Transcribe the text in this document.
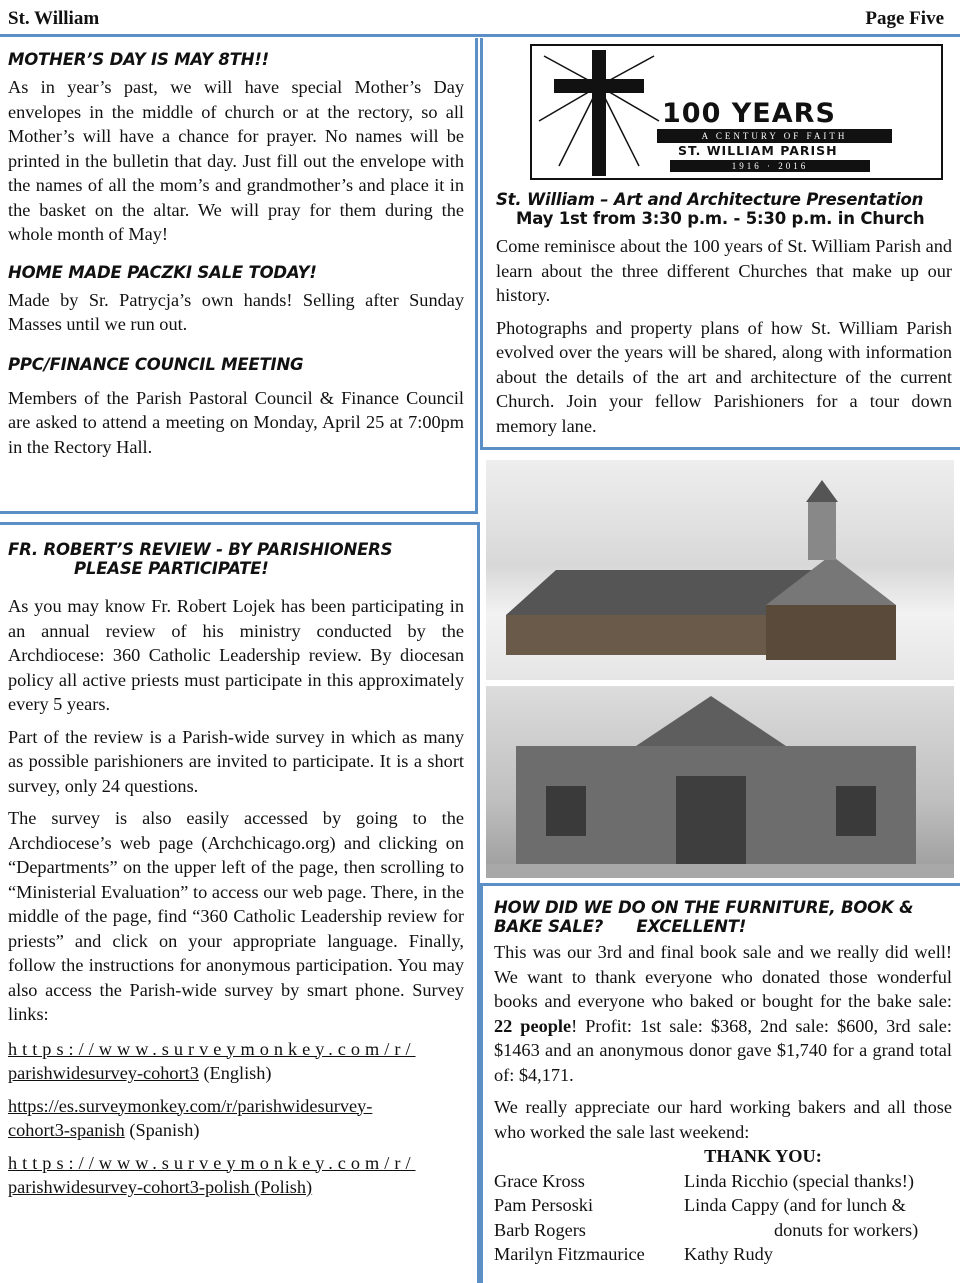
St. William	Page Five
MOTHER’S DAY IS MAY 8TH!!

As in year’s past, we will have special Mother’s Day envelopes in the middle of church or at the rectory, so all Mother’s will have a chance for prayer. No names will be printed in the bulletin that day. Just fill out the envelope with the names of all the mom’s and grandmother’s and place it in the basket on the altar. We will pray for them during the whole month of May!

HOME MADE PACZKI SALE TODAY!

Made by Sr. Patrycja’s own hands! Selling after Sunday Masses until we run out.

PPC/FINANCE COUNCIL MEETING

Members of the Parish Pastoral Council & Finance Council are asked to attend a meeting on Monday, April 25 at 7:00pm in the Rectory Hall.

100 YEARS
A CENTURY OF FAITH
ST. WILLIAM PARISH
1916 · 2016
St. William – Art and Architecture Presentation
May 1st from 3:30 p.m. - 5:30 p.m. in Church

Come reminisce about the 100 years of St. William Parish and learn about the three different Churches that make up our history.

Photographs and property plans of how St. William Parish evolved over the years will be shared, along with information about the details of the art and architecture of the current Church. Join your fellow Parishioners for a tour down memory lane.

FR. ROBERT’S REVIEW - BY PARISHIONERS
PLEASE PARTICIPATE!

As you may know Fr. Robert Lojek has been participating in an annual review of his ministry conducted by the Archdiocese: 360 Catholic Leadership review. By diocesan policy all active priests must participate in this approximately every 5 years.

Part of the review is a Parish-wide survey in which as many as possible parishioners are invited to participate. It is a short survey, only 24 questions.

The survey is also easily accessed by going to the Archdiocese’s web page (Archchicago.org) and clicking on “Departments” on the upper left of the page, then scrolling to “Ministerial Evaluation” to access our web page. There, in the middle of the page, find “360 Catholic Leadership review for priests” and click on your appropriate language. Finally, follow the instructions for anonymous participation. You may also access the Parish-wide survey by smart phone. Survey links:

https://www.surveymonkey.com/r/
parishwidesurvey-cohort3 (English)

https://es.surveymonkey.com/r/parishwidesurvey-
cohort3-spanish (Spanish)

https://www.surveymonkey.com/r/
parishwidesurvey-cohort3-polish (Polish)

HOW DID WE DO ON THE FURNITURE, BOOK &
BAKE SALE?      EXCELLENT!

This was our 3rd and final book sale and we really did well! We want to thank everyone who donated those wonderful books and everyone who baked or bought for the bake sale: 22 people! Profit: 1st sale: $368, 2nd sale: $600, 3rd sale: $1463 and an anonymous donor gave $1,740 for a grand total of: $4,171.

We really appreciate our hard working bakers and all those who worked the sale last weekend:

THANK YOU:

Grace Kross
Pam Persoski
Barb Rogers
Marilyn Fitzmaurice
Linda Ricchio (special thanks!)
Linda Cappy (and for lunch &
donuts for workers)
Kathy Rudy
